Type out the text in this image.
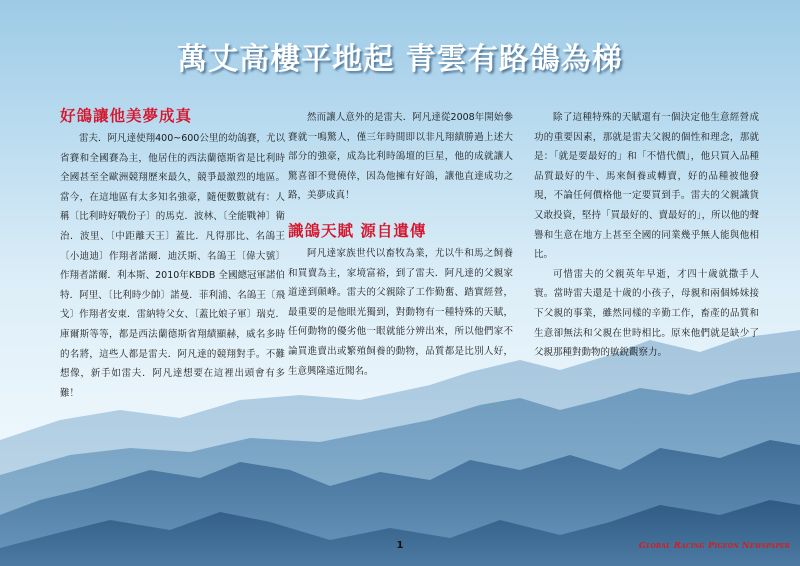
萬丈高樓平地起 青雲有路鴿為梯
好鴿讓他美夢成真

雷夫．阿凡達使翔400~600公里的幼鴿賽，尤以省賽和全國賽為主，他居住的西法蘭德斯省是比利時全國甚至全歐洲競翔歷來最久，競爭最激烈的地區。當今，在這地區有太多知名強豪，隨便數數就有：人稱〔比利時好戰份子〕的馬克．波林、〔全能戰神〕衛治．波里、〔中距離天王〕蓋比．凡得那比、名鴿王〔小迪迪〕作翔者諾爾．迪沃斯、名鴿王〔偉大號〕作翔者諾爾．利本斯、2010年KBDB 全國總冠軍諾伯特．阿里、〔比利時少帥〕諾曼．菲利浦、名鴿王〔飛戈〕作翔者安東．雷納特父女、〔蓋比娘子軍〕瑞克．庫爾斯等等，都是西法蘭德斯省翔績顯赫，威名多時的名將，這些人都是雷夫．阿凡達的競翔對手。不難想像，新手如雷夫．阿凡達想要在這裡出頭會有多難！

然而讓人意外的是雷夫．阿凡達從2008年開始參賽就一鳴驚人，僅三年時間即以非凡翔績勝過上述大部分的強豪，成為比利時鴿壇的巨星，他的成就讓人驚喜卻不覺僥倖，因為他擁有好鴿，讓他直達成功之路，美夢成真！

識鴿天賦 源自遺傳

阿凡達家族世代以畜牧為業，尤以牛和馬之飼養和買賣為主，家境富裕，到了雷夫．阿凡達的父親家道達到顛峰。雷夫的父親除了工作勤奮、踏實經營，最重要的是他眼光獨到，對動物有一種特殊的天賦，任何動物的優劣他一眼就能分辨出來，所以他們家不論買進賣出或繁殖飼養的動物，品質都是比別人好，生意興隆遠近聞名。

除了這種特殊的天賦還有一個決定他生意經營成功的重要因素，那就是雷夫父親的個性和理念，那就是：「就是要最好的」和「不惜代價」，他只買入品種品質最好的牛、馬來飼養或轉賣，好的品種被他發現，不論任何價格他一定要買到手。雷夫的父親識貨又敢投資，堅持「買最好的、賣最好的」，所以他的聲譽和生意在地方上甚至全國的同業幾乎無人能與他相比。

可惜雷夫的父親英年早逝，才四十歲就撒手人寰。當時雷夫還是十歲的小孩子，母親和兩個姊妹接下父親的事業，雖然同樣的辛勤工作，畜產的品質和生意卻無法和父親在世時相比。原來他們就是缺少了父親那種對動物的敏銳觀察力。

1	Global Racing Pigeon Newspaper
